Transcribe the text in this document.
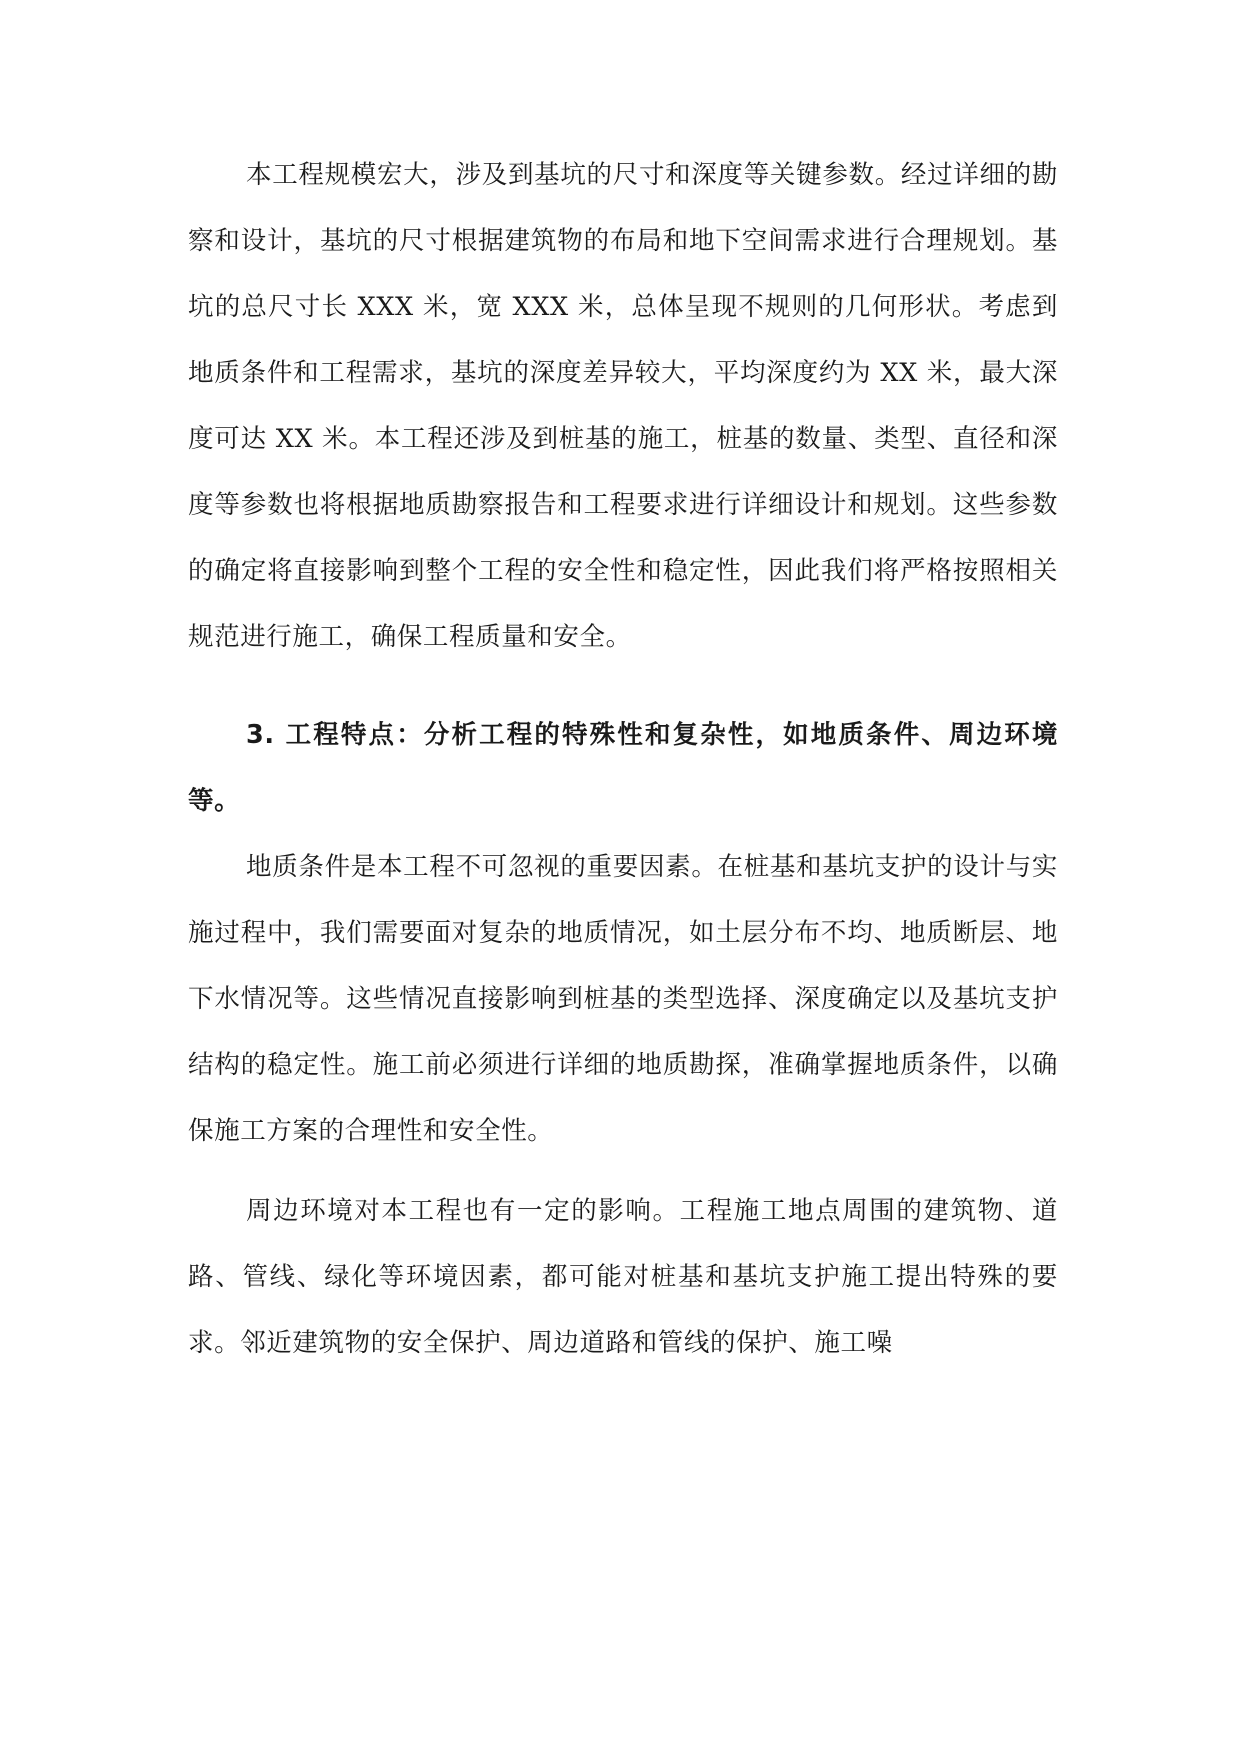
本工程规模宏大，涉及到基坑的尺寸和深度等关键参数。经过详细的勘察和设计，基坑的尺寸根据建筑物的布局和地下空间需求进行合理规划。基坑的总尺寸长 XXX 米，宽 XXX 米，总体呈现不规则的几何形状。考虑到地质条件和工程需求，基坑的深度差异较大，平均深度约为 XX 米，最大深度可达 XX 米。本工程还涉及到桩基的施工，桩基的数量、类型、直径和深度等参数也将根据地质勘察报告和工程要求进行详细设计和规划。这些参数的确定将直接影响到整个工程的安全性和稳定性，因此我们将严格按照相关规范进行施工，确保工程质量和安全。

3. 工程特点：分析工程的特殊性和复杂性，如地质条件、周边环境等。

地质条件是本工程不可忽视的重要因素。在桩基和基坑支护的设计与实施过程中，我们需要面对复杂的地质情况，如土层分布不均、地质断层、地下水情况等。这些情况直接影响到桩基的类型选择、深度确定以及基坑支护结构的稳定性。施工前必须进行详细的地质勘探，准确掌握地质条件，以确保施工方案的合理性和安全性。

周边环境对本工程也有一定的影响。工程施工地点周围的建筑物、道路、管线、绿化等环境因素，都可能对桩基和基坑支护施工提出特殊的要求。邻近建筑物的安全保护、周边道路和管线的保护、施工噪
